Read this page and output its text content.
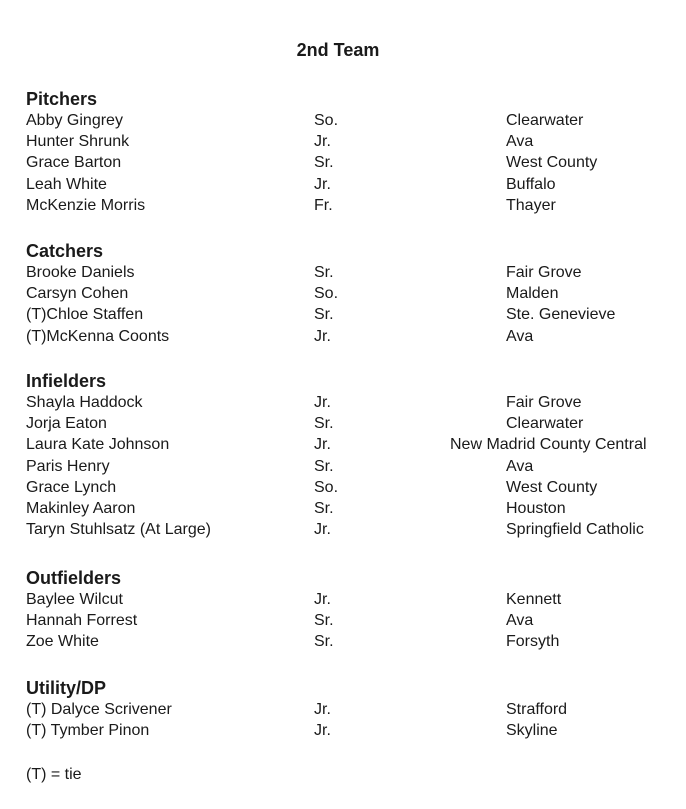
2nd Team
Pitchers
Abby Gingrey	So.	Clearwater
Hunter Shrunk	Jr.	Ava
Grace Barton	Sr.	West County
Leah White	Jr.	Buffalo
McKenzie Morris	Fr.	Thayer
Catchers
Brooke Daniels	Sr.	Fair Grove
Carsyn Cohen	So.	Malden
(T)Chloe Staffen	Sr.	Ste. Genevieve
(T)McKenna Coonts	Jr.	Ava
Infielders
Shayla Haddock	Jr.	Fair Grove
Jorja Eaton	Sr.	Clearwater
Laura Kate Johnson	Jr.	New Madrid County Central
Paris Henry	Sr.	Ava
Grace Lynch	So.	West County
Makinley Aaron	Sr.	Houston
Taryn Stuhlsatz (At Large)	Jr.	Springfield Catholic
Outfielders
Baylee Wilcut	Jr.	Kennett
Hannah Forrest	Sr.	Ava
Zoe White	Sr.	Forsyth
Utility/DP
(T) Dalyce Scrivener	Jr.	Strafford
(T) Tymber Pinon	Jr.	Skyline
(T) = tie
